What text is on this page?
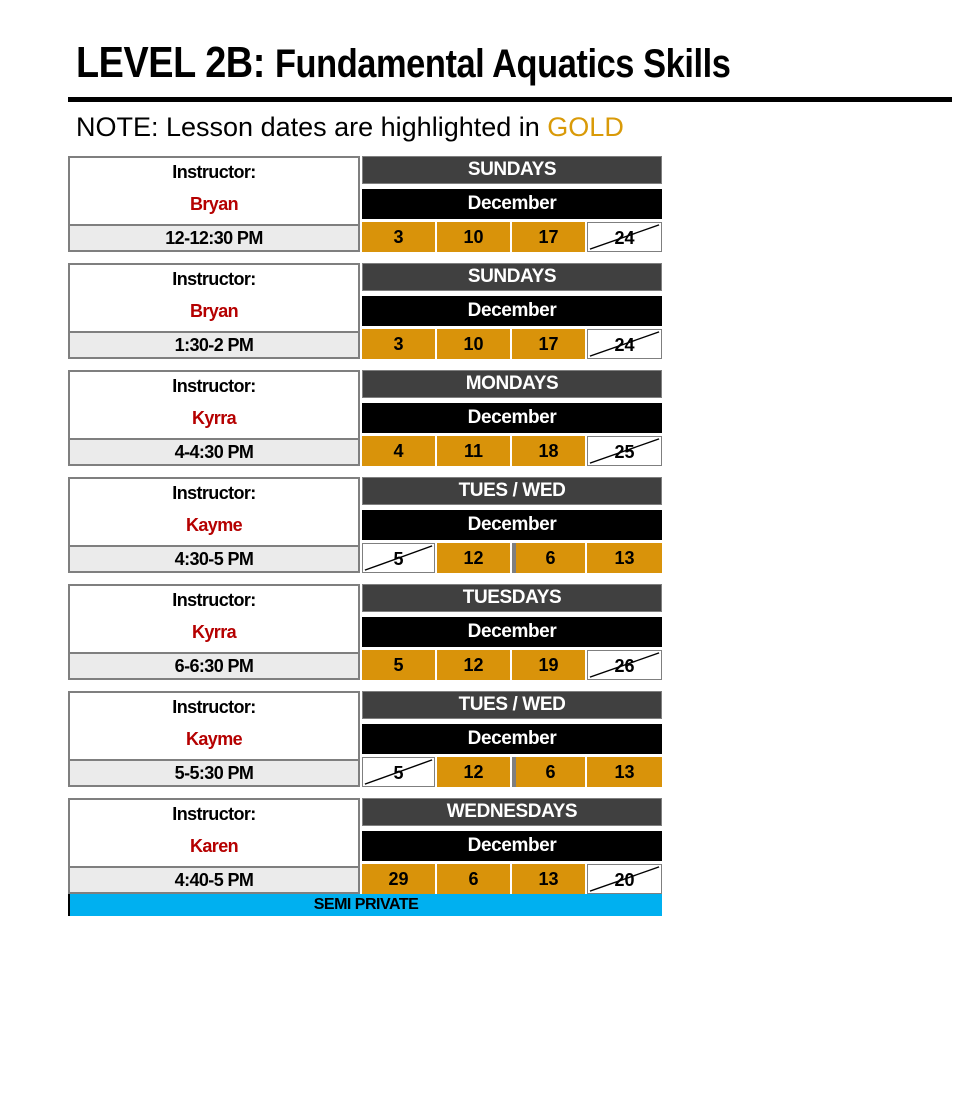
LEVEL 2B: Fundamental Aquatics Skills
NOTE: Lesson dates are highlighted in GOLD
Instructor:
Bryan
12-12:30 PM
SUNDAYS
December
3	10	17	24
Instructor:
Bryan
1:30-2 PM
SUNDAYS
December
3	10	17	24
Instructor:
Kyrra
4-4:30 PM
MONDAYS
December
4	11	18	25
Instructor:
Kayme
4:30-5 PM
TUES / WED
December
5	12	6	13
Instructor:
Kyrra
6-6:30 PM
TUESDAYS
December
5	12	19	26
Instructor:
Kayme
5-5:30 PM
TUES / WED
December
5	12	6	13
Instructor:
Karen
4:40-5 PM
WEDNESDAYS
December
29	6	13	20
SEMI PRIVATE
